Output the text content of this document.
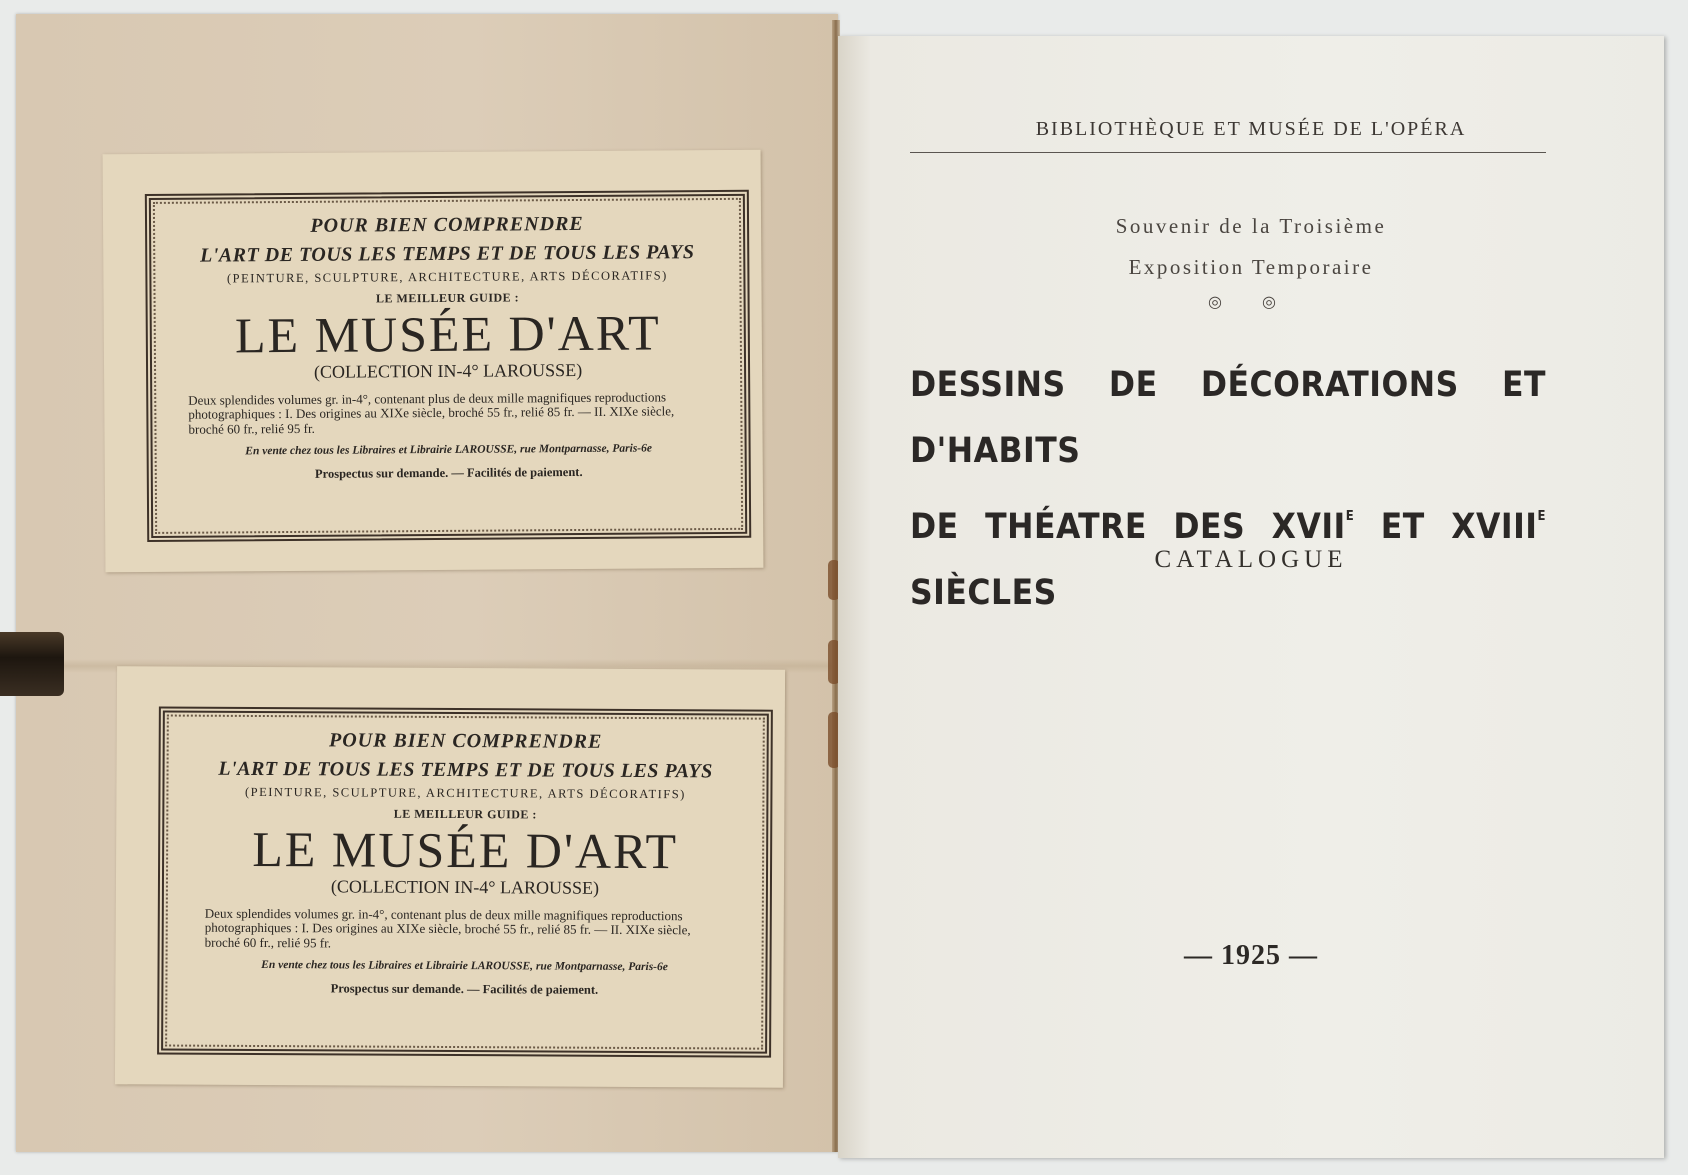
POUR BIEN COMPRENDRE

L'ART DE TOUS LES TEMPS ET DE TOUS LES PAYS

(PEINTURE, SCULPTURE, ARCHITECTURE, ARTS DÉCORATIFS)

LE MEILLEUR GUIDE :

LE MUSÉE D'ART

(COLLECTION IN-4° LAROUSSE)

Deux splendides volumes gr. in-4°, contenant plus de deux mille magnifiques reproductions photographiques : I. Des origines au XIXe siècle, broché 55 fr., relié 85 fr. — II. XIXe siècle, broché 60 fr., relié 95 fr.

En vente chez tous les Libraires et Librairie LAROUSSE, rue Montparnasse, Paris-6e

Prospectus sur demande. — Facilités de paiement.

POUR BIEN COMPRENDRE

L'ART DE TOUS LES TEMPS ET DE TOUS LES PAYS

(PEINTURE, SCULPTURE, ARCHITECTURE, ARTS DÉCORATIFS)

LE MEILLEUR GUIDE :

LE MUSÉE D'ART

(COLLECTION IN-4° LAROUSSE)

Deux splendides volumes gr. in-4°, contenant plus de deux mille magnifiques reproductions photographiques : I. Des origines au XIXe siècle, broché 55 fr., relié 85 fr. — II. XIXe siècle, broché 60 fr., relié 95 fr.

En vente chez tous les Libraires et Librairie LAROUSSE, rue Montparnasse, Paris-6e

Prospectus sur demande. — Facilités de paiement.

BIBLIOTHÈQUE ET MUSÉE DE L'OPÉRA
Souvenir de la Troisième
Exposition Temporaire
◎ ◎
DESSINS DE DÉCORATIONS ET D'HABITS
DE THÉATRE DES $XVII^E$ ET $XVIII^E$ SIÈCLES
CATALOGUE
— 1925 —
